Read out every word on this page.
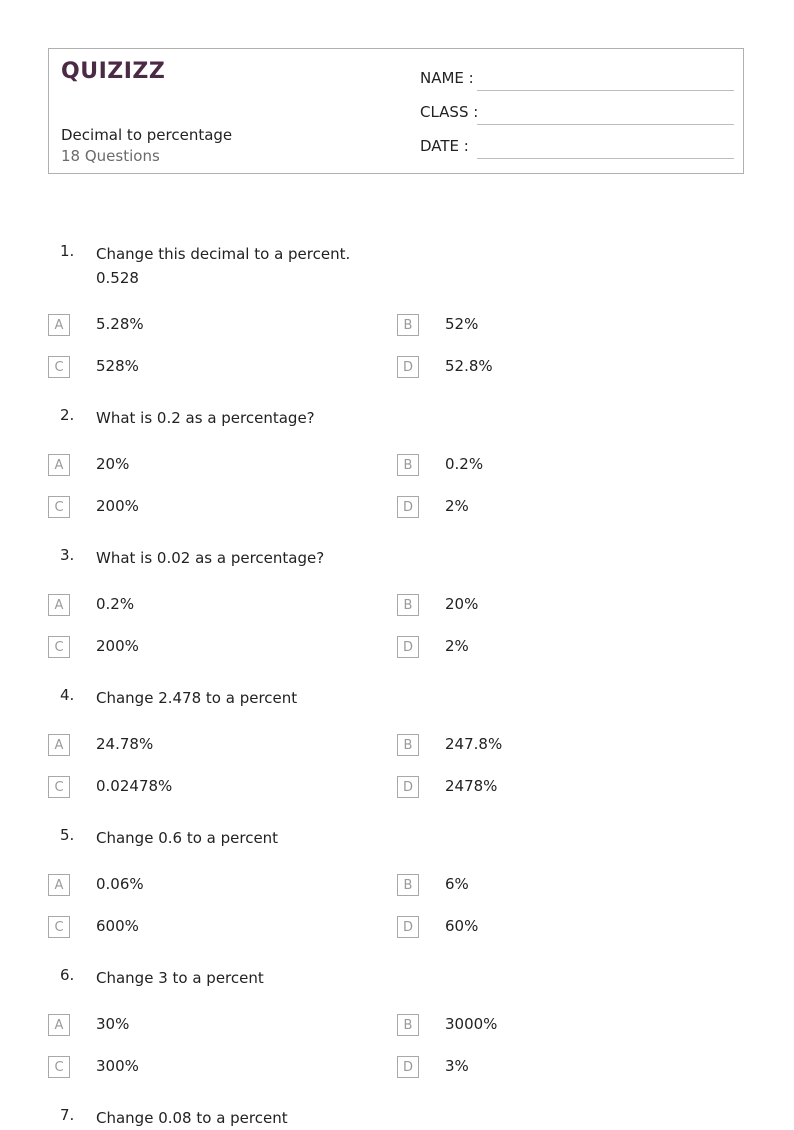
QUIZIZZ
Decimal to percentage
18 Questions
NAME :
CLASS :
DATE :
1. Change this decimal to a percent.
0.528
A	5.28%	B	52%
C	528%	D	52.8%
2. What is 0.2 as a percentage?
A	20%	B	0.2%
C	200%	D	2%
3. What is 0.02 as a percentage?
A	0.2%	B	20%
C	200%	D	2%
4. Change 2.478 to a percent
A	24.78%	B	247.8%
C	0.02478%	D	2478%
5. Change 0.6 to a percent
A	0.06%	B	6%
C	600%	D	60%
6. Change 3 to a percent
A	30%	B	3000%
C	300%	D	3%
7. Change 0.08 to a percent
